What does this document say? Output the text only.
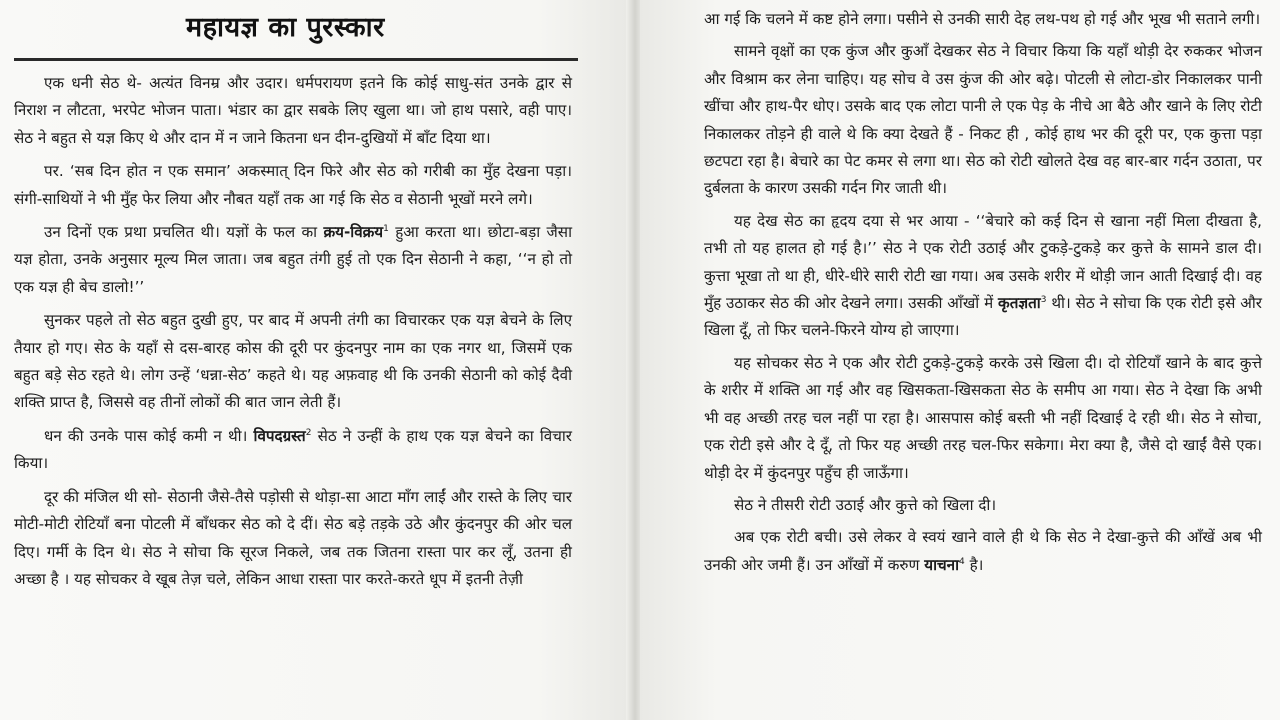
महायज्ञ का पुरस्कार

एक धनी सेठ थे- अत्यंत विनम्र और उदार। धर्मपरायण इतने कि कोई साधु-संत उनके द्वार से निराश न लौटता, भरपेट भोजन पाता। भंडार का द्वार सबके लिए खुला था। जो हाथ पसारे, वही पाए। सेठ ने बहुत से यज्ञ किए थे और दान में न जाने कितना धन दीन-दुखियों में बाँट दिया था।

पर. ‘सब दिन होत न एक समान’ अकस्मात् दिन फिरे और सेठ को गरीबी का मुँह देखना पड़ा। संगी-साथियों ने भी मुँह फेर लिया और नौबत यहाँ तक आ गई कि सेठ व सेठानी भूखों मरने लगे।

उन दिनों एक प्रथा प्रचलित थी। यज्ञों के फल का क्रय-विक्रय$^1$ हुआ करता था। छोटा-बड़ा जैसा यज्ञ होता, उनके अनुसार मूल्य मिल जाता। जब बहुत तंगी हुई तो एक दिन सेठानी ने कहा, ‘‘न हो तो एक यज्ञ ही बेच डालो!’’

सुनकर पहले तो सेठ बहुत दुखी हुए, पर बाद में अपनी तंगी का विचारकर एक यज्ञ बेचने के लिए तैयार हो गए। सेठ के यहाँ से दस-बारह कोस की दूरी पर कुंदनपुर नाम का एक नगर था, जिसमें एक बहुत बड़े सेठ रहते थे। लोग उन्हें ‘धन्ना-सेठ’ कहते थे। यह अफ़वाह थी कि उनकी सेठानी को कोई दैवी शक्ति प्राप्त है, जिससे वह तीनों लोकों की बात जान लेती हैं।

धन की उनके पास कोई कमी न थी। विपदग्रस्त$^2$ सेठ ने उन्हीं के हाथ एक यज्ञ बेचने का विचार किया।

दूर की मंजिल थी सो- सेठानी जैसे-तैसे पड़ोसी से थोड़ा-सा आटा माँग लाईं और रास्ते के लिए चार मोटी-मोटी रोटियाँ बना पोटली में बाँधकर सेठ को दे दीं। सेठ बड़े तड़के उठे और कुंदनपुर की ओर चल दिए। गर्मी के दिन थे। सेठ ने सोचा कि सूरज निकले, जब तक जितना रास्ता पार कर लूँ, उतना ही अच्छा है । यह सोचकर वे खूब तेज़ चले, लेकिन आधा रास्ता पार करते-करते धूप में इतनी तेज़ी

आ गई कि चलने में कष्ट होने लगा। पसीने से उनकी सारी देह लथ-पथ हो गई और भूख भी सताने लगी।

सामने वृक्षों का एक कुंज और कुआँ देखकर सेठ ने विचार किया कि यहाँ थोड़ी देर रुककर भोजन और विश्राम कर लेना चाहिए। यह सोच वे उस कुंज की ओर बढ़े। पोटली से लोटा-डोर निकालकर पानी खींचा और हाथ-पैर धोए। उसके बाद एक लोटा पानी ले एक पेड़ के नीचे आ बैठे और खाने के लिए रोटी निकालकर तोड़ने ही वाले थे कि क्या देखते हैं - निकट ही , कोई हाथ भर की दूरी पर, एक कुत्ता पड़ा छटपटा रहा है। बेचारे का पेट कमर से लगा था। सेठ को रोटी खोलते देख वह बार-बार गर्दन उठाता, पर दुर्बलता के कारण उसकी गर्दन गिर जाती थी।

यह देख सेठ का हृदय दया से भर आया - ‘‘बेचारे को कई दिन से खाना नहीं मिला दीखता है, तभी तो यह हालत हो गई है।’’ सेठ ने एक रोटी उठाई और टुकड़े-टुकड़े कर कुत्ते के सामने डाल दी। कुत्ता भूखा तो था ही, धीरे-धीरे सारी रोटी खा गया। अब उसके शरीर में थोड़ी जान आती दिखाई दी। वह मुँह उठाकर सेठ की ओर देखने लगा। उसकी आँखों में कृतज्ञता$^3$ थी। सेठ ने सोचा कि एक रोटी इसे और खिला दूँ, तो फिर चलने-फिरने योग्य हो जाएगा।

यह सोचकर सेठ ने एक और रोटी टुकड़े-टुकड़े करके उसे खिला दी। दो रोटियाँ खाने के बाद कुत्ते के शरीर में शक्ति आ गई और वह खिसकता-खिसकता सेठ के समीप आ गया। सेठ ने देखा कि अभी भी वह अच्छी तरह चल नहीं पा रहा है। आसपास कोई बस्ती भी नहीं दिखाई दे रही थी। सेठ ने सोचा, एक रोटी इसे और दे दूँ, तो फिर यह अच्छी तरह चल-फिर सकेगा। मेरा क्या है, जैसे दो खाईं वैसे एक। थोड़ी देर में कुंदनपुर पहुँच ही जाऊँगा।

सेठ ने तीसरी रोटी उठाई और कुत्ते को खिला दी।

अब एक रोटी बची। उसे लेकर वे स्वयं खाने वाले ही थे कि सेठ ने देखा-कुत्ते की आँखें अब भी उनकी ओर जमी हैं। उन आँखों में करुण याचना$^4$ है।
